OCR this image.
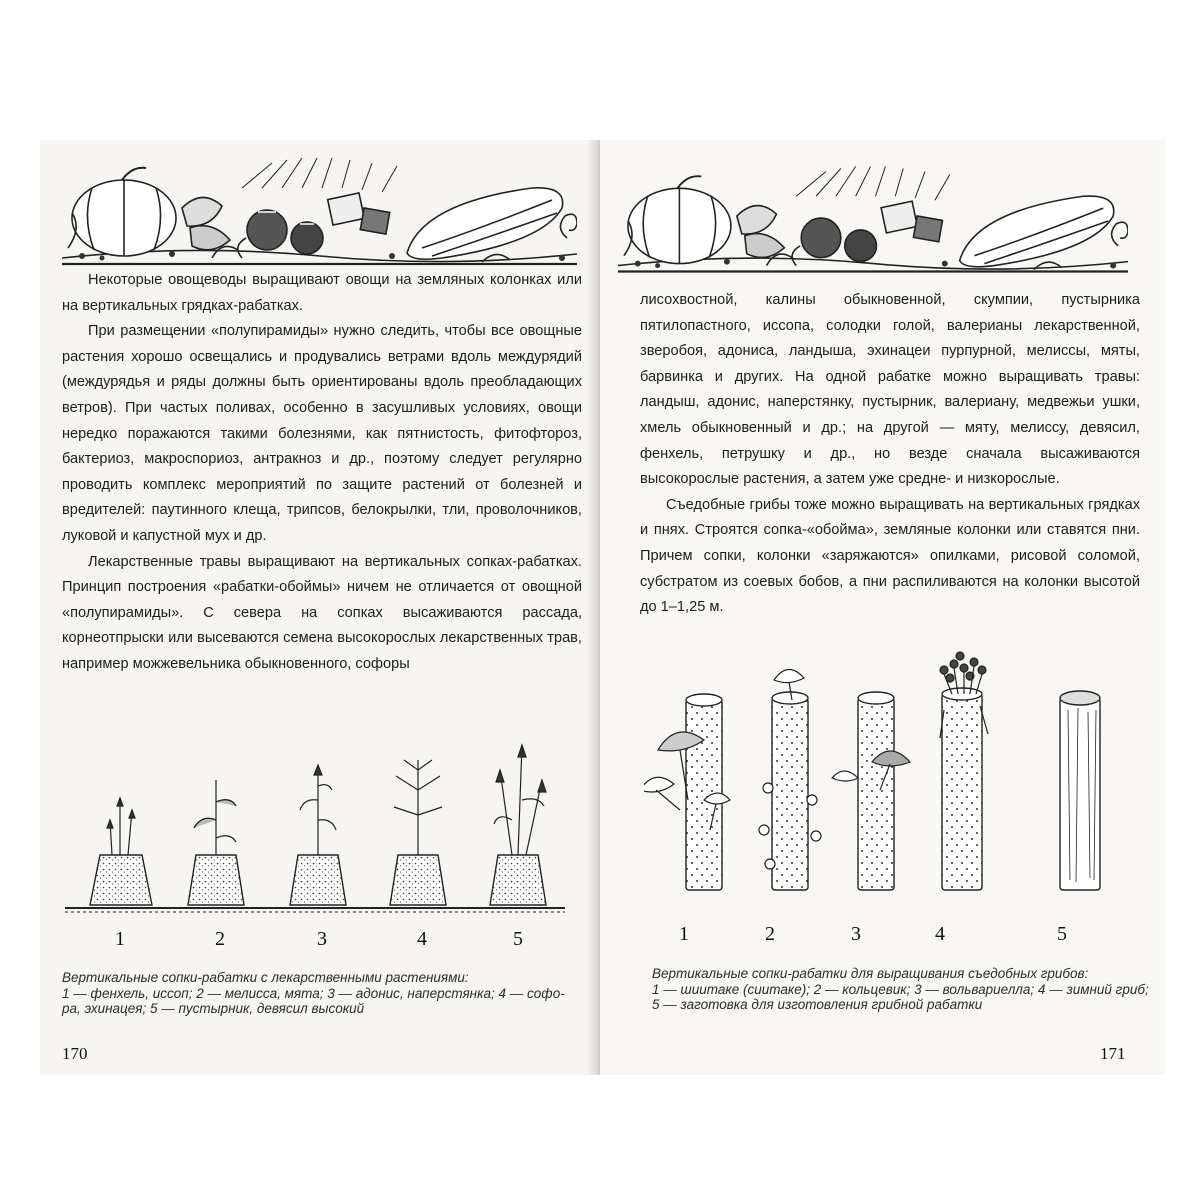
Некоторые овощеводы выращивают овощи на земляных колонках или на вертикальных грядках-рабатках.

При размещении «полупирамиды» нужно следить, чтобы все овощные растения хорошо освещались и продувались ветрами вдоль междурядий (междурядья и ряды должны быть ориентированы вдоль преобладающих ветров). При частых поливах, особенно в засушливых условиях, овощи нередко поражаются такими болезнями, как пятнистость, фитофтороз, бактериоз, макроспориоз, антракноз и др., поэтому следует регулярно проводить комплекс мероприятий по защите растений от болезней и вредителей: паутинного клеща, трипсов, белокрылки, тли, проволочников, луковой и капустной мух и др.

Лекарственные травы выращивают на вертикальных сопках-рабатках. Принцип построения «рабатки-обоймы» ничем не отличается от овощной «полупирамиды». С севера на сопках высаживаются рассада, корнеотпрыски или высеваются семена высокорослых лекарственных трав, например можжевельника обыкновенного, софоры

1	2	3	4	5
Вертикальные сопки-рабатки с лекарственными растениями:
1 — фенхель, иссоп; 2 — мелисса, мята; 3 — адонис, наперстянка; 4 — софо-
ра, эхинацея; 5 — пустырник, девясил высокий
170

лисохвостной, калины обыкновенной, скумпии, пустырника пятилопастного, иссопа, солодки голой, валерианы лекарственной, зверобоя, адониса, ландыша, эхинацеи пурпурной, мелиссы, мяты, барвинка и других. На одной рабатке можно выращивать травы: ландыш, адонис, наперстянку, пустырник, валериану, медвежьи ушки, хмель обыкновенный и др.; на другой — мяту, мелиссу, девясил, фенхель, петрушку и др., но везде сначала высаживаются высокорослые растения, а затем уже средне- и низкорослые.

Съедобные грибы тоже можно выращивать на вертикальных грядках и пнях. Строятся сопка-«обойма», земляные колонки или ставятся пни. Причем сопки, колонки «заряжаются» опилками, рисовой соломой, субстратом из соевых бобов, а пни распиливаются на колонки высотой до 1–1,25 м.

1	2	3	4	5
Вертикальные сопки-рабатки для выращивания съедобных грибов:
1 — шиитаке (сиитаке); 2 — кольцевик; 3 — вольвариелла; 4 — зимний гриб;
5 — заготовка для изготовления грибной рабатки
171
